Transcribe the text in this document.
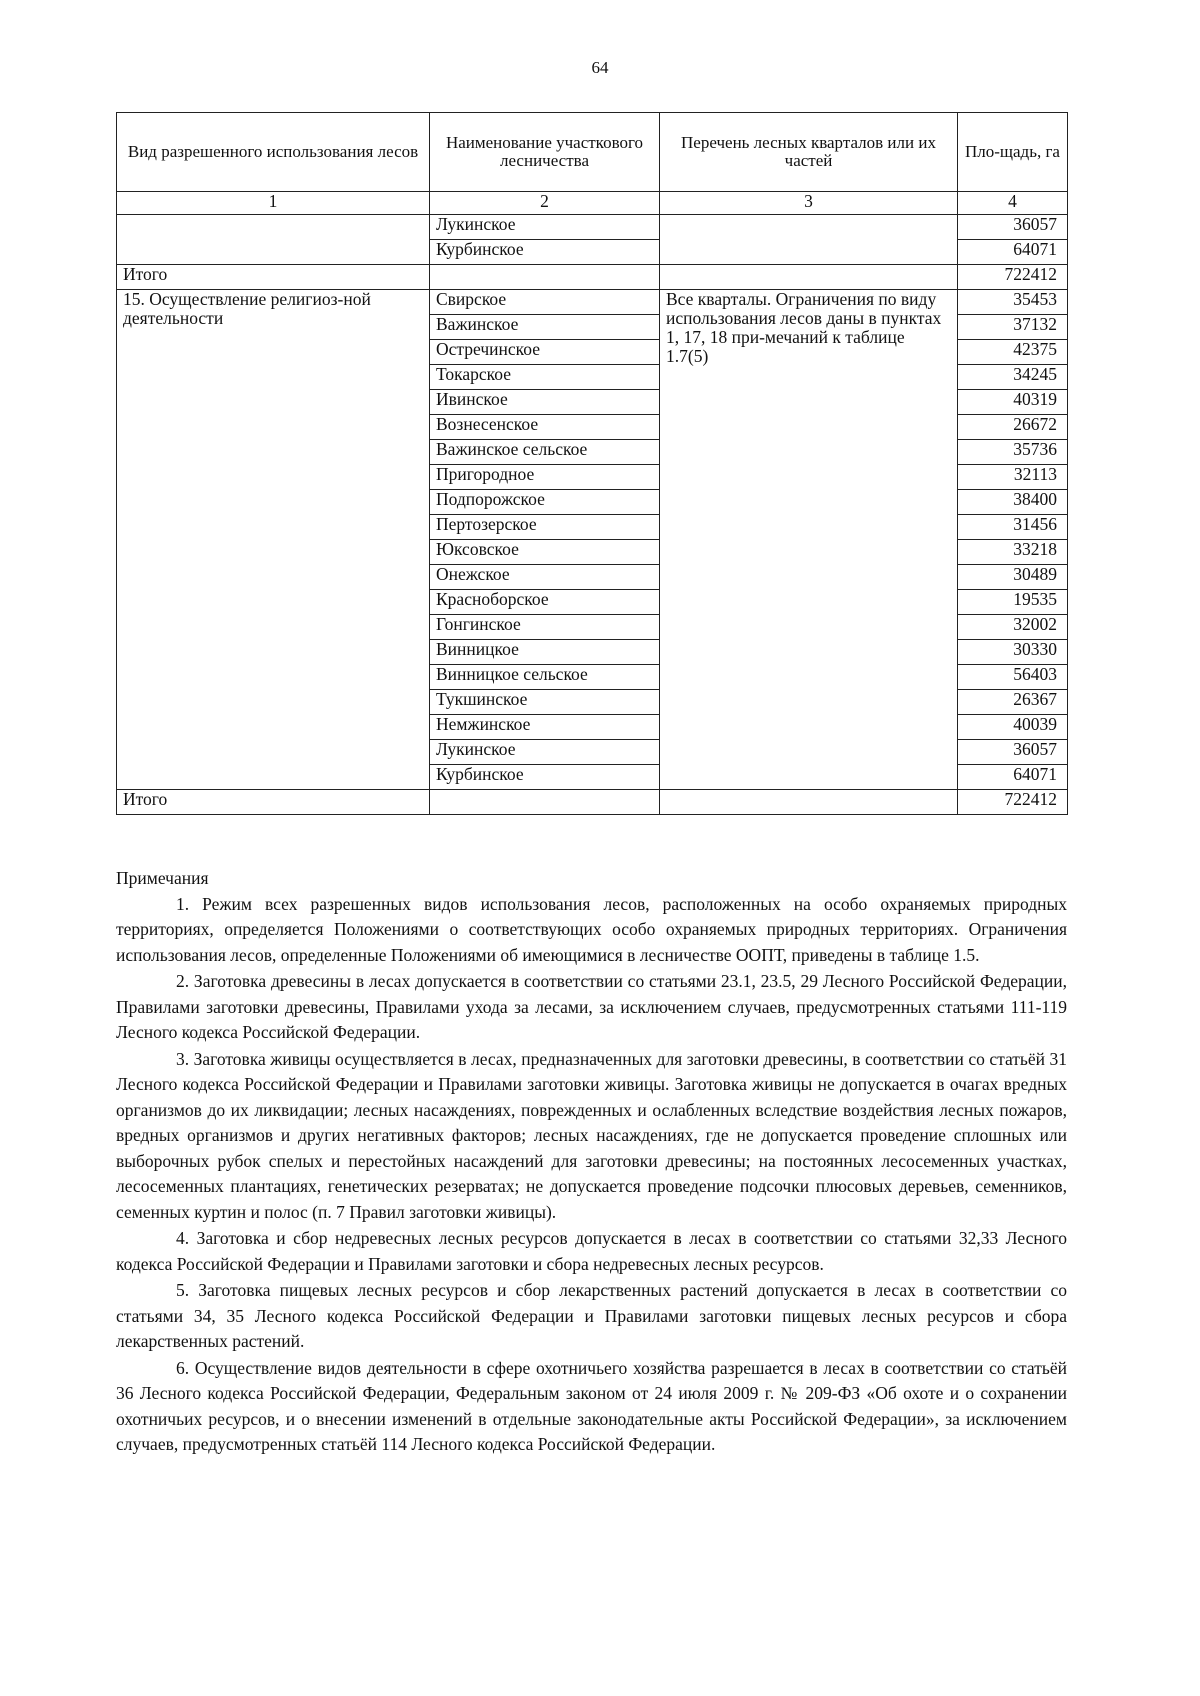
64
Вид разрешенного использования лесов	Наименование участкового лесничества	Перечень лесных кварталов или их частей	Пло-щадь, га
1	2	3	4
	Лукинское		36057
	Курбинское		64071
Итого			722412
15. Осуществление религиоз-ной деятельности	Свирское	Все кварталы. Ограничения по виду использования лесов даны в пунктах 1, 17, 18 при-мечаний к таблице 1.7(5)	35453
	Важинское		37132
	Остречинское		42375
	Токарское		34245
	Ивинское		40319
	Вознесенское		26672
	Важинское сельское		35736
	Пригородное		32113
	Подпорожское		38400
	Пертозерское		31456
	Юксовское		33218
	Онежское		30489
	Красноборское		19535
	Гонгинское		32002
	Винницкое		30330
	Винницкое сельское		56403
	Тукшинское		26367
	Немжинское		40039
	Лукинское		36057
	Курбинское		64071
Итого			722412
Примечания

1. Режим всех разрешенных видов использования лесов, расположенных на особо охраняемых природных территориях, определяется Положениями о соответствующих особо охраняемых природных территориях. Ограничения использования лесов, определенные Положениями об имеющимися в лесничестве ООПТ, приведены в таблице 1.5.

2. Заготовка древесины в лесах допускается в соответствии со статьями 23.1, 23.5, 29 Лесного Российской Федерации, Правилами заготовки древесины, Правилами ухода за лесами, за исключением случаев, предусмотренных статьями 111-119 Лесного кодекса Российской Федерации.

3. Заготовка живицы осуществляется в лесах, предназначенных для заготовки древесины, в соответствии со статьёй 31 Лесного кодекса Российской Федерации и Правилами заготовки живицы. Заготовка живицы не допускается в очагах вредных организмов до их ликвидации; лесных насаждениях, поврежденных и ослабленных вследствие воздействия лесных пожаров, вредных организмов и других негативных факторов; лесных насаждениях, где не допускается проведение сплошных или выборочных рубок спелых и перестойных насаждений для заготовки древесины; на постоянных лесосеменных участках, лесосеменных плантациях, генетических резерватах; не допускается проведение подсочки плюсовых деревьев, семенников, семенных куртин и полос (п. 7 Правил заготовки живицы).

4. Заготовка и сбор недревесных лесных ресурсов допускается в лесах в соответствии со статьями 32,33 Лесного кодекса Российской Федерации и Правилами заготовки и сбора недревесных лесных ресурсов.

5. Заготовка пищевых лесных ресурсов и сбор лекарственных растений допускается в лесах в соответствии со статьями 34, 35 Лесного кодекса Российской Федерации и Правилами заготовки пищевых лесных ресурсов и сбора лекарственных растений.

6. Осуществление видов деятельности в сфере охотничьего хозяйства разрешается в лесах в соответствии со статьёй 36 Лесного кодекса Российской Федерации, Федеральным законом от 24 июля 2009 г. № 209-ФЗ «Об охоте и о сохранении охотничьих ресурсов, и о внесении изменений в отдельные законодательные акты Российской Федерации», за исключением случаев, предусмотренных статьёй 114 Лесного кодекса Российской Федерации.
